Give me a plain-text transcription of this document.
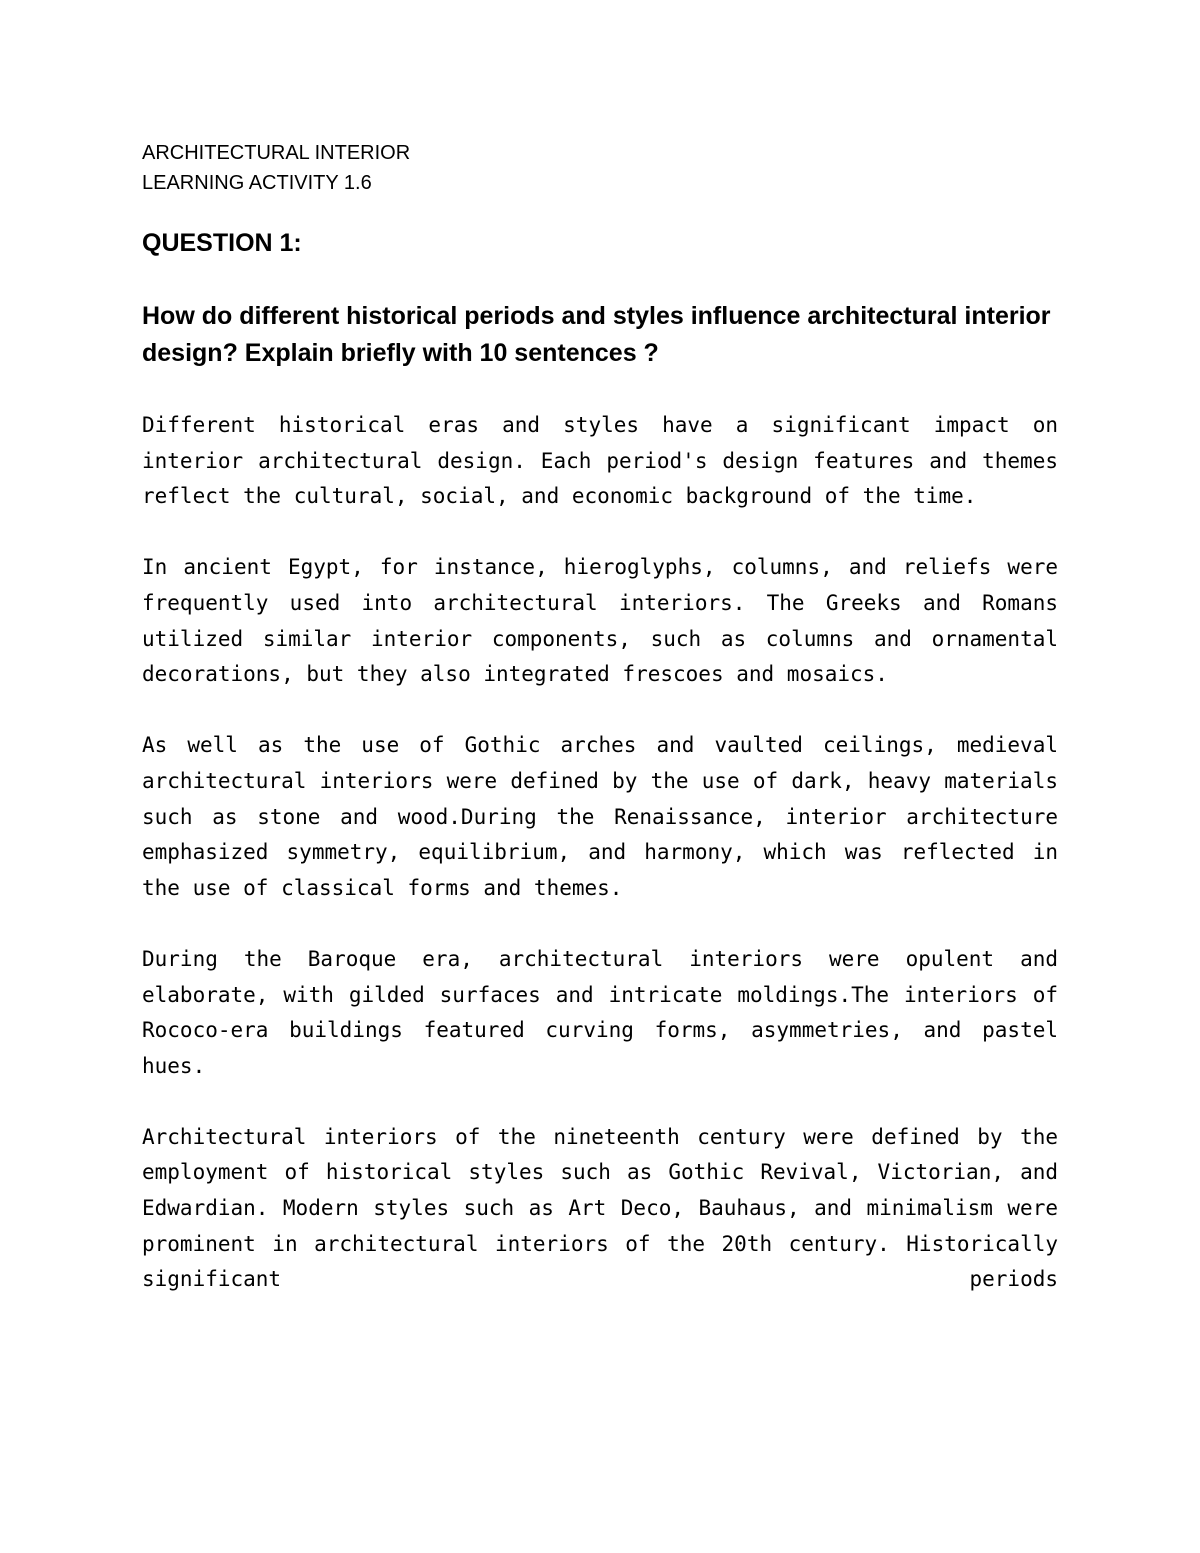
ARCHITECTURAL INTERIOR
LEARNING ACTIVITY 1.6
QUESTION 1:
How do different historical periods and styles influence architectural interior design? Explain briefly with 10 sentences ?

Different historical eras and styles have a significant impact on interior architectural design. Each period's design features and themes reflect the cultural, social, and economic background of the time.

In ancient Egypt, for instance, hieroglyphs, columns, and reliefs were frequently used into architectural interiors. The Greeks and Romans utilized similar interior components, such as columns and ornamental decorations, but they also integrated frescoes and mosaics.

As well as the use of Gothic arches and vaulted ceilings, medieval architectural interiors were defined by the use of dark, heavy materials such as stone and wood.During the Renaissance, interior architecture emphasized symmetry, equilibrium, and harmony, which was reflected in the use of classical forms and themes.

During the Baroque era, architectural interiors were opulent and elaborate, with gilded surfaces and intricate moldings.The interiors of Rococo-era buildings featured curving forms, asymmetries, and pastel hues.

Architectural interiors of the nineteenth century were defined by the employment of historical styles such as Gothic Revival, Victorian, and Edwardian. Modern styles such as Art Deco, Bauhaus, and minimalism were prominent in architectural interiors of the 20th century. Historically significant periods
